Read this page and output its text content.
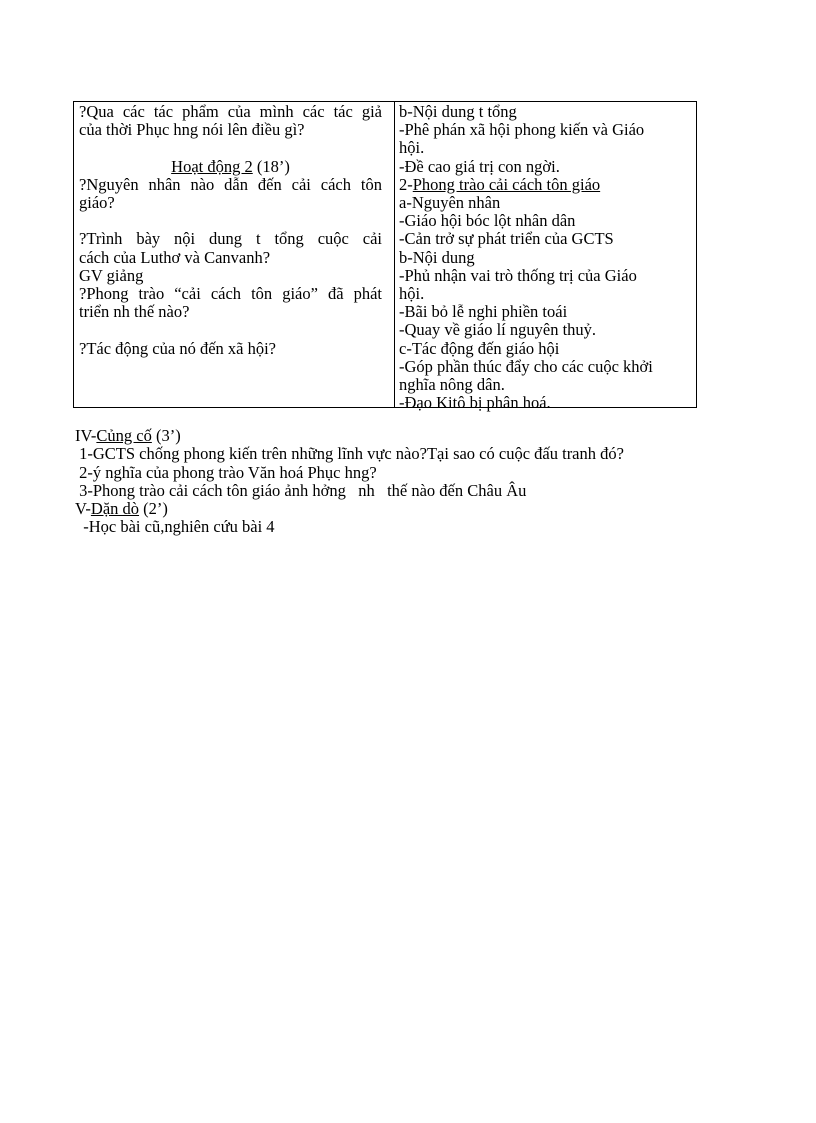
?Qua các tác phẩm của mình các tác giả
của thời Phục hng nói lên điều gì?
Hoạt động 2 (18’)
?Nguyên nhân nào dẫn đến cải cách tôn
giáo?
?Trình bày nội dung t tổng cuộc cải
cách của Luthơ và Canvanh?
GV giảng
?Phong trào “cải cách tôn giáo” đã phát
triển nh thế nào?
?Tác động của nó đến xã hội?
b-Nội dung t tổng
-Phê phán xã hội phong kiến và Giáo
hội.
-Đề cao giá trị con ngời.
2-Phong trào cải cách tôn giáo
a-Nguyên nhân
-Giáo hội bóc lột nhân dân
-Cản trở sự phát triển của GCTS
b-Nội dung
-Phủ nhận vai trò thống trị của Giáo
hội.
-Bãi bỏ lễ nghi phiền toái
-Quay về giáo lí nguyên thuỷ.
c-Tác động đến giáo hội
-Góp phần thúc đẩy cho các cuộc khởi
nghĩa nông dân.
-Đạo Kitô bị phân hoá.
IV-Củng cố (3’)
1-GCTS chống phong kiến trên những lĩnh vực nào?Tại sao có cuộc đấu tranh đó?
2-ý nghĩa của phong trào Văn hoá Phục hng?
3-Phong trào cải cách tôn giáo ảnh hởng   nh   thế nào đến Châu Âu
V-Dặn dò (2’)
-Học bài cũ,nghiên cứu bài 4
